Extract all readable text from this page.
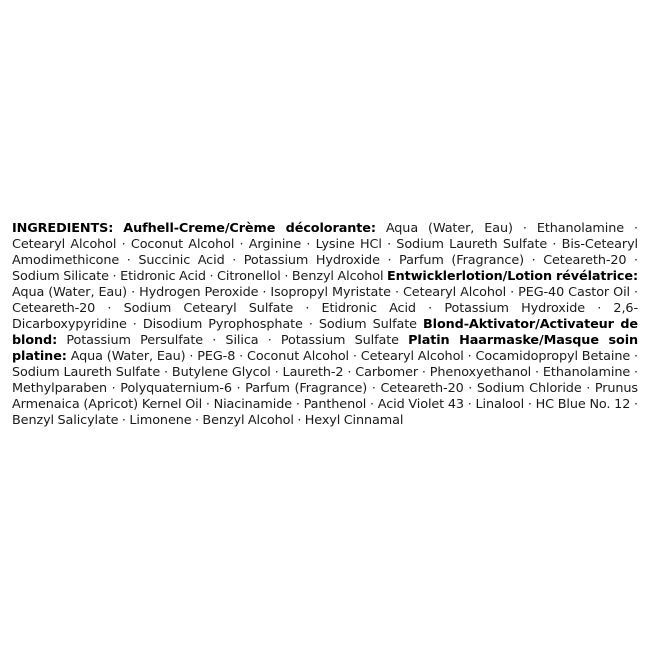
INGREDIENTS: Aufhell-Creme/Crème décolorante: Aqua (Water, Eau) · Ethanolamine · Cetearyl Alcohol · Coconut Alcohol · Arginine · Lysine HCl · Sodium Laureth Sulfate · Bis-Cetearyl Amodimethicone · Succinic Acid · Potassium Hydroxide · Parfum (Fragrance) · Ceteareth-20 · Sodium Silicate · Etidronic Acid · Citronellol · Benzyl Alcohol Entwicklerlotion/Lotion révélatrice: Aqua (Water, Eau) · Hydrogen Peroxide · Isopropyl Myristate · Cetearyl Alcohol · PEG-40 Castor Oil · Ceteareth-20 · Sodium Cetearyl Sulfate · Etidronic Acid · Potassium Hydroxide · 2,6-Dicarboxypyridine · Disodium Pyrophosphate · Sodium Sulfate Blond-Aktivator/Activateur de blond: Potassium Persulfate · Silica · Potassium Sulfate Platin Haarmaske/Masque soin platine: Aqua (Water, Eau) · PEG-8 · Coconut Alcohol · Cetearyl Alcohol · Cocamidopropyl Betaine · Sodium Laureth Sulfate · Butylene Glycol · Laureth-2 · Carbomer · Phenoxyethanol · Ethanolamine · Methylparaben · Polyquaternium-6 · Parfum (Fragrance) · Ceteareth-20 · Sodium Chloride · Prunus Armenaica (Apricot) Kernel Oil · Niacinamide · Panthenol · Acid Violet 43 · Linalool · HC Blue No. 12 · Benzyl Salicylate · Limonene · Benzyl Alcohol · Hexyl Cinnamal
